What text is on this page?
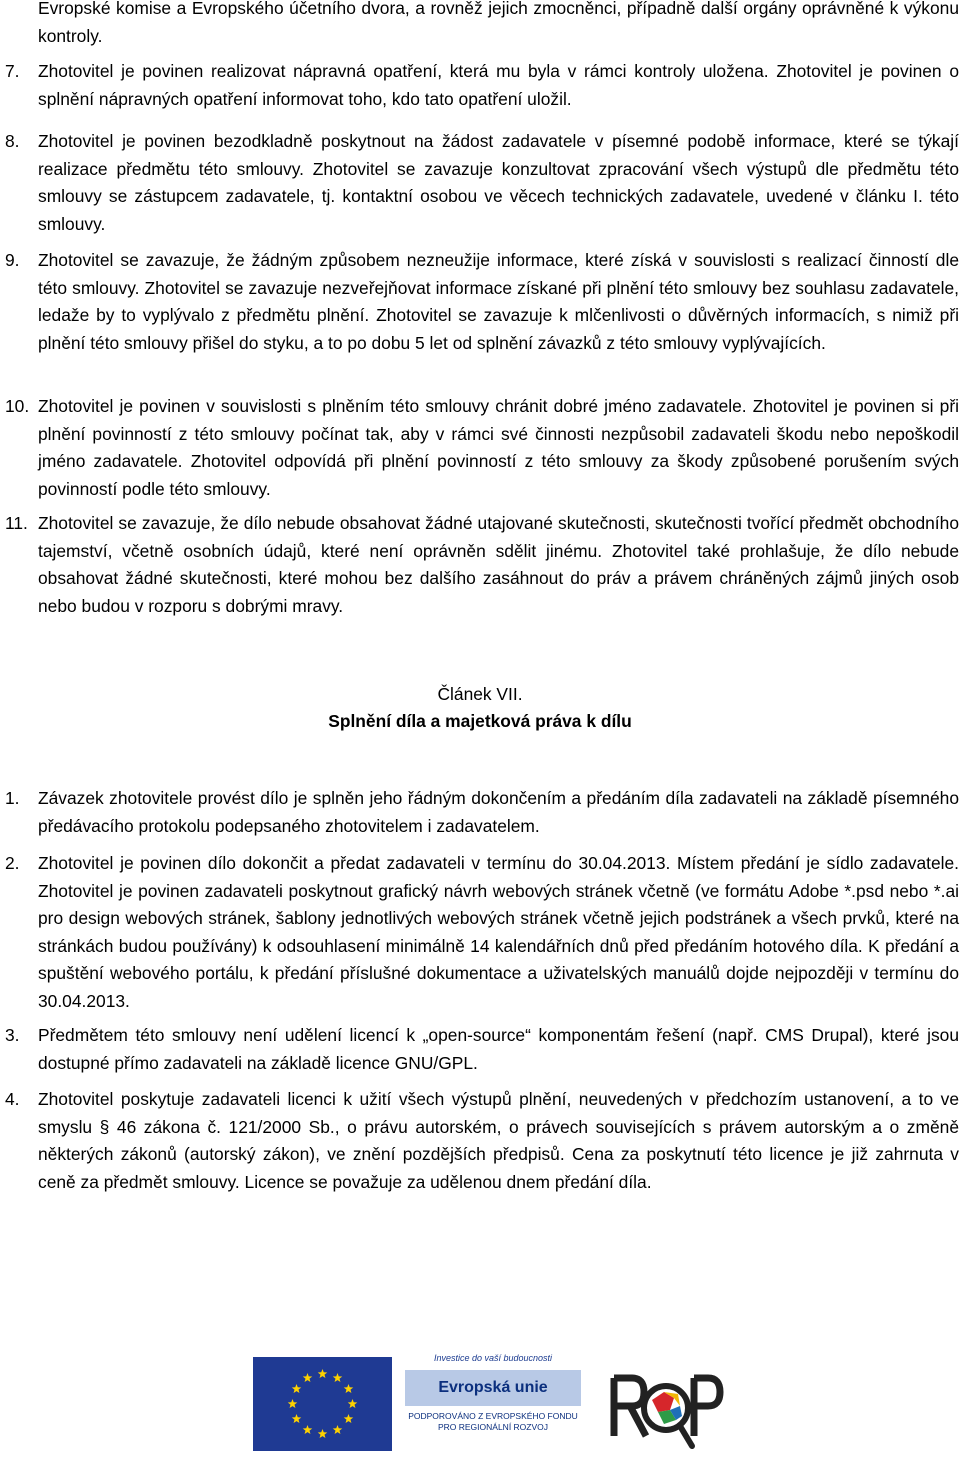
Evropské komise a Evropského účetního dvora, a rovněž jejich zmocněnci, případně další orgány oprávněné k výkonu kontroly.

7. Zhotovitel je povinen realizovat nápravná opatření, která mu byla v rámci kontroly uložena. Zhotovitel je povinen o splnění nápravných opatření informovat toho, kdo tato opatření uložil.
8. Zhotovitel je povinen bezodkladně poskytnout na žádost zadavatele v písemné podobě informace, které se týkají realizace předmětu této smlouvy. Zhotovitel se zavazuje konzultovat zpracování všech výstupů dle předmětu této smlouvy se zástupcem zadavatele, tj. kontaktní osobou ve věcech technických zadavatele, uvedené v článku I. této smlouvy.
9. Zhotovitel se zavazuje, že žádným způsobem nezneužije informace, které získá v souvislosti s realizací činností dle této smlouvy. Zhotovitel se zavazuje nezveřejňovat informace získané při plnění této smlouvy bez souhlasu zadavatele, ledaže by to vyplývalo z předmětu plnění. Zhotovitel se zavazuje k mlčenlivosti o důvěrných informacích, s nimiž při plnění této smlouvy přišel do styku, a to po dobu 5 let od splnění závazků z této smlouvy vyplývajících.
10. Zhotovitel je povinen v souvislosti s plněním této smlouvy chránit dobré jméno zadavatele. Zhotovitel je povinen si při plnění povinností z této smlouvy počínat tak, aby v rámci své činnosti nezpůsobil zadavateli škodu nebo nepoškodil jméno zadavatele. Zhotovitel odpovídá při plnění povinností z této smlouvy za škody způsobené porušením svých povinností podle této smlouvy.
11. Zhotovitel se zavazuje, že dílo nebude obsahovat žádné utajované skutečnosti, skutečnosti tvořící předmět obchodního tajemství, včetně osobních údajů, které není oprávněn sdělit jinému. Zhotovitel také prohlašuje, že dílo nebude obsahovat žádné skutečnosti, které mohou bez dalšího zasáhnout do práv a právem chráněných zájmů jiných osob nebo budou v rozporu s dobrými mravy.
Článek VII.
Splnění díla a majetková práva k dílu
1. Závazek zhotovitele provést dílo je splněn jeho řádným dokončením a předáním díla zadavateli na základě písemného předávacího protokolu podepsaného zhotovitelem i zadavatelem.
2. Zhotovitel je povinen dílo dokončit a předat zadavateli v termínu do 30.04.2013. Místem předání je sídlo zadavatele. Zhotovitel je povinen zadavateli poskytnout grafický návrh webových stránek včetně (ve formátu Adobe *.psd nebo *.ai pro design webových stránek, šablony jednotlivých webových stránek včetně jejich podstránek a všech prvků, které na stránkách budou používány) k odsouhlasení minimálně 14 kalendářních dnů před předáním hotového díla. K předání a spuštění webového portálu, k předání příslušné dokumentace a uživatelských manuálů dojde nejpozději v termínu do 30.04.2013.
3. Předmětem této smlouvy není udělení licencí k „open-source“ komponentám řešení (např. CMS Drupal), které jsou dostupné přímo zadavateli na základě licence GNU/GPL.
4. Zhotovitel poskytuje zadavateli licenci k užití všech výstupů plnění, neuvedených v předchozím ustanovení, a to ve smyslu § 46 zákona č. 121/2000 Sb., o právu autorském, o právech souvisejících s právem autorským a o změně některých zákonů (autorský zákon), ve znění pozdějších předpisů. Cena za poskytnutí této licence je již zahrnuta v ceně za předmět smlouvy. Licence se považuje za udělenou dnem předání díla.
Investice do vaší budoucnosti
Evropská unie
PODPOROVÁNO Z EVROPSKÉHO FONDU
PRO REGIONÁLNÍ ROZVOJ
